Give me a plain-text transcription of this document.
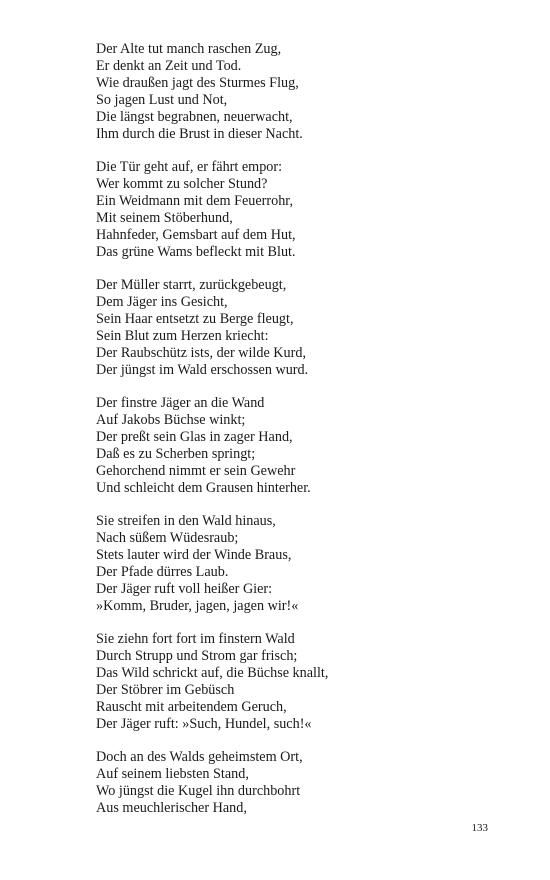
Der Alte tut manch raschen Zug,
Er denkt an Zeit und Tod.
Wie draußen jagt des Sturmes Flug,
So jagen Lust und Not,
Die längst begrabnen, neuerwacht,
Ihm durch die Brust in dieser Nacht.
Die Tür geht auf, er fährt empor:
Wer kommt zu solcher Stund?
Ein Weidmann mit dem Feuerrohr,
Mit seinem Stöberhund,
Hahnfeder, Gemsbart auf dem Hut,
Das grüne Wams befleckt mit Blut.
Der Müller starrt, zurückgebeugt,
Dem Jäger ins Gesicht,
Sein Haar entsetzt zu Berge fleugt,
Sein Blut zum Herzen kriecht:
Der Raubschütz ists, der wilde Kurd,
Der jüngst im Wald erschossen wurd.
Der finstre Jäger an die Wand
Auf Jakobs Büchse winkt;
Der preßt sein Glas in zager Hand,
Daß es zu Scherben springt;
Gehorchend nimmt er sein Gewehr
Und schleicht dem Grausen hinterher.
Sie streifen in den Wald hinaus,
Nach süßem Wüdesraub;
Stets lauter wird der Winde Braus,
Der Pfade dürres Laub.
Der Jäger ruft voll heißer Gier:
»Komm, Bruder, jagen, jagen wir!«
Sie ziehn fort fort im finstern Wald
Durch Strupp und Strom gar frisch;
Das Wild schrickt auf, die Büchse knallt,
Der Stöbrer im Gebüsch
Rauscht mit arbeitendem Geruch,
Der Jäger ruft: »Such, Hundel, such!«
Doch an des Walds geheimstem Ort,
Auf seinem liebsten Stand,
Wo jüngst die Kugel ihn durchbohrt
Aus meuchlerischer Hand,
133
